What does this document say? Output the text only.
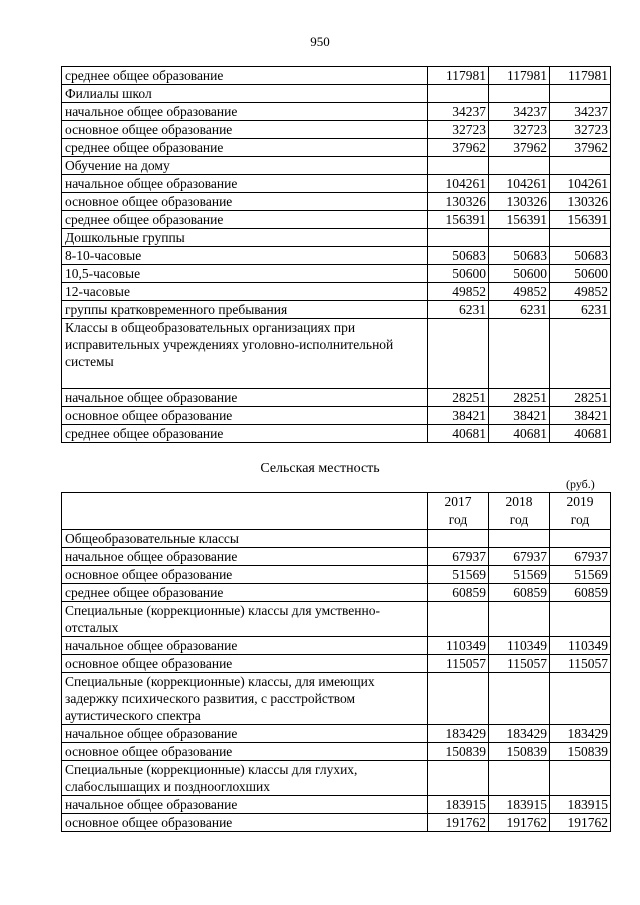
950
среднее общее образование	117981	117981	117981
Филиалы школ			
начальное общее образование	34237	34237	34237
основное общее образование	32723	32723	32723
среднее общее образование	37962	37962	37962
Обучение на дому			
начальное общее образование	104261	104261	104261
основное общее образование	130326	130326	130326
среднее общее образование	156391	156391	156391
Дошкольные группы			
8-10-часовые	50683	50683	50683
10,5-часовые	50600	50600	50600
12-часовые	49852	49852	49852
группы кратковременного пребывания	6231	6231	6231
Классы в общеобразовательных организациях при исправительных учреждениях уголовно-исполнительной системы			
начальное общее образование	28251	28251	28251
основное общее образование	38421	38421	38421
среднее общее образование	40681	40681	40681
Сельская местность
(руб.)
	2017 год	2018 год	2019 год
Общеобразовательные классы			
начальное общее образование	67937	67937	67937
основное общее образование	51569	51569	51569
среднее общее образование	60859	60859	60859
Специальные (коррекционные) классы для умственно-отсталых			
начальное общее образование	110349	110349	110349
основное общее образование	115057	115057	115057
Специальные (коррекционные) классы, для имеющих задержку психического развития, с расстройством аутистического спектра			
начальное общее образование	183429	183429	183429
основное общее образование	150839	150839	150839
Специальные (коррекционные) классы для глухих, слабослышащих и позднооглохших			
начальное общее образование	183915	183915	183915
основное общее образование	191762	191762	191762
